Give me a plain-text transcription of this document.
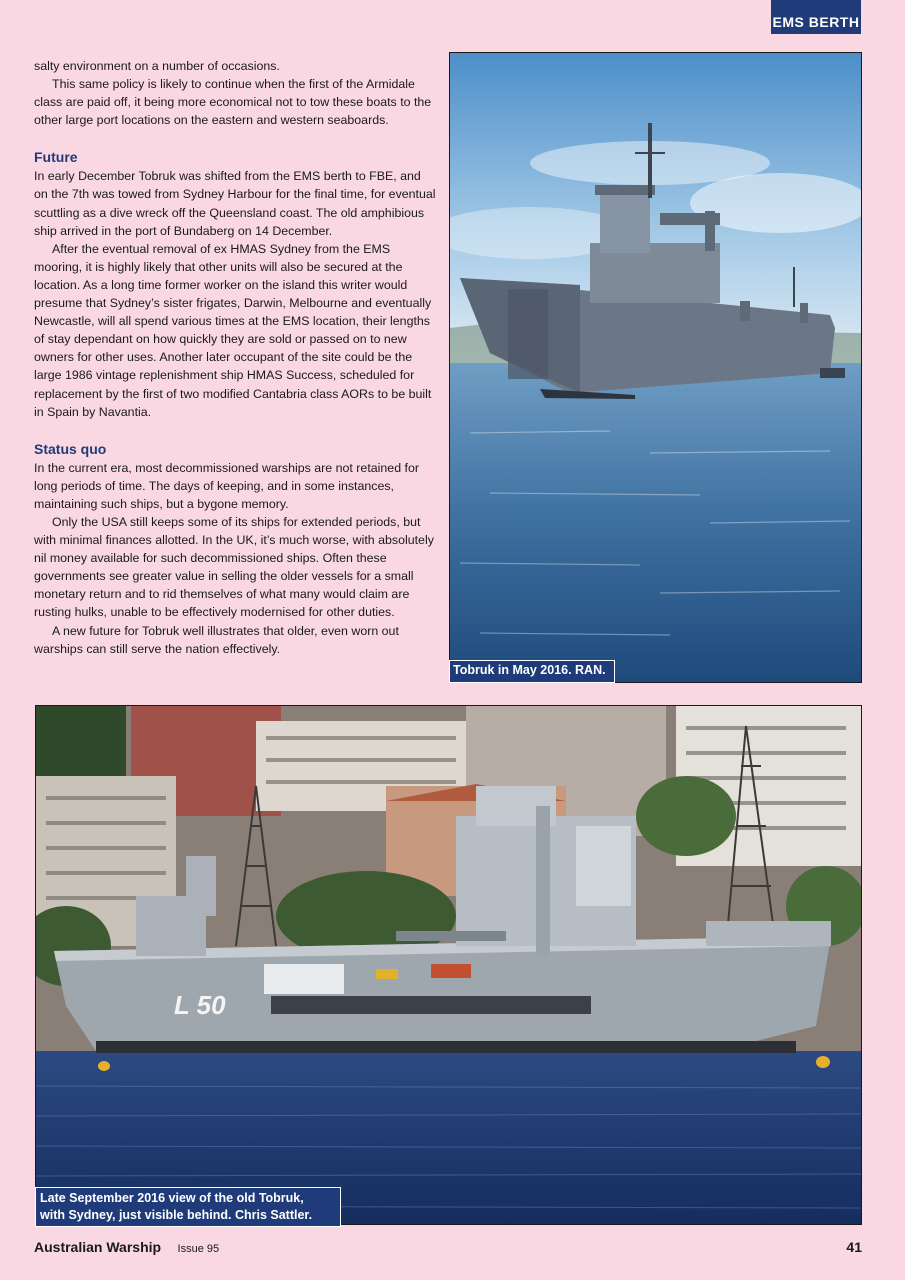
EMS BERTH

salty environment on a number of occasions.

This same policy is likely to continue when the first of the Armidale class are paid off, it being more economical not to tow these boats to the other large port locations on the eastern and western seaboards.

Future

In early December Tobruk was shifted from the EMS berth to FBE, and on the 7th was towed from Sydney Harbour for the final time, for eventual scuttling as a dive wreck off the Queensland coast. The old amphibious ship arrived in the port of Bundaberg on 14 December.

After the eventual removal of ex HMAS Sydney from the EMS mooring, it is highly likely that other units will also be secured at the location. As a long time former worker on the island this writer would presume that Sydney’s sister frigates, Darwin, Melbourne and eventually Newcastle, will all spend various times at the EMS location, their lengths of stay dependant on how quickly they are sold or passed on to new owners for other uses. Another later occupant of the site could be the large 1986 vintage replenishment ship HMAS Success, scheduled for replacement by the first of two modified Cantabria class AORs to be built in Spain by Navantia.

Status quo

In the current era, most decommissioned warships are not retained for long periods of time. The days of keeping, and in some instances, maintaining such ships, but a bygone memory.

Only the USA still keeps some of its ships for extended periods, but with minimal finances allotted. In the UK, it’s much worse, with absolutely nil money available for such decommissioned ships. Often these governments see greater value in selling the older vessels for a small monetary return and to rid themselves of what many would claim are rusting hulks, unable to be effectively modernised for other duties.

A new future for Tobruk well illustrates that older, even worn out warships can still serve the nation effectively.

Tobruk in May 2016. RAN.
L 50
Late September 2016 view of the old Tobruk, with Sydney, just visible behind. Chris Sattler.
Australian Warship Issue 95	41
